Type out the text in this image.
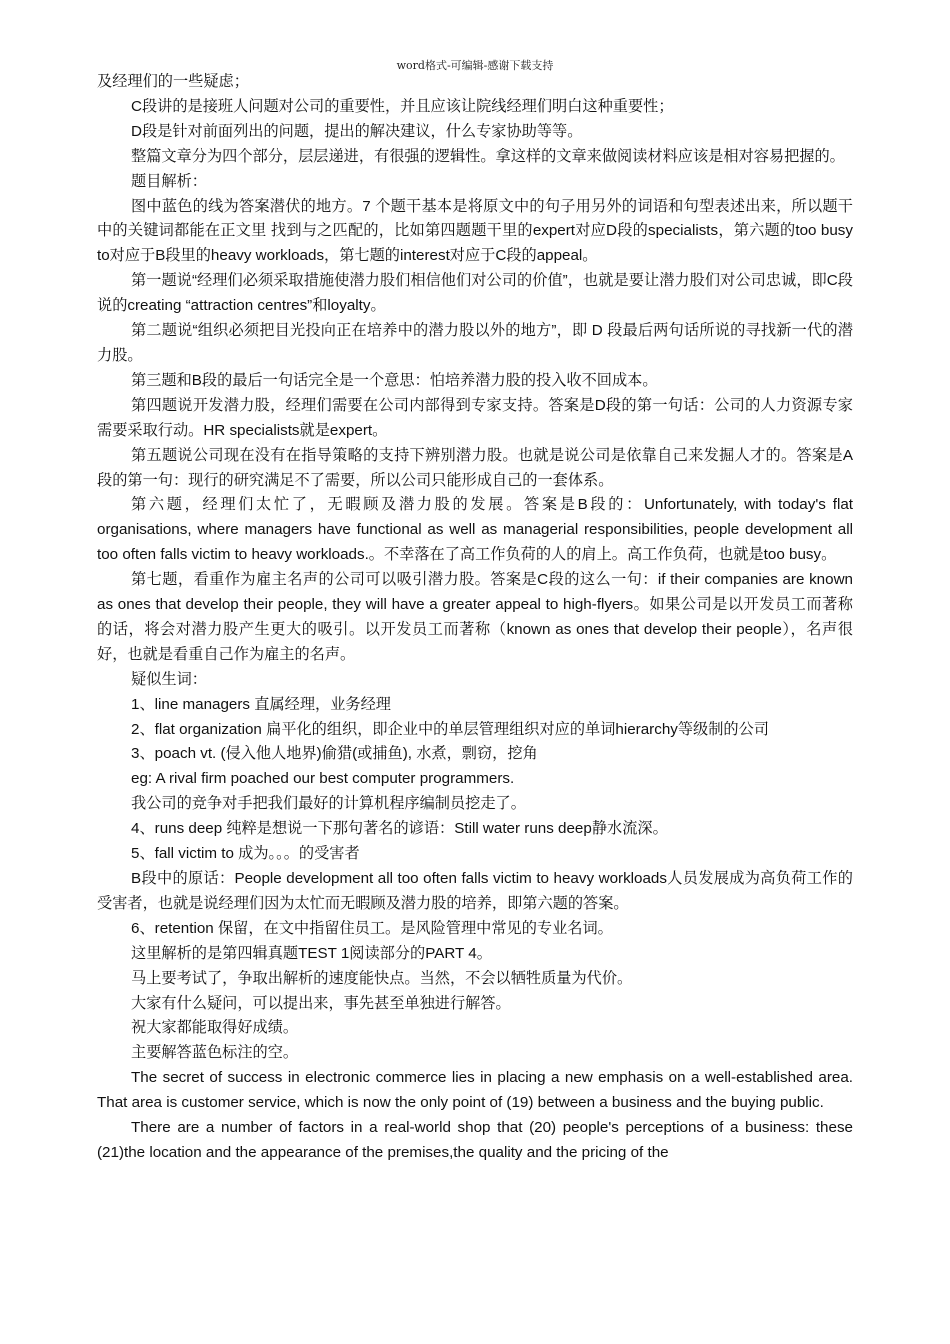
word格式-可编辑-感谢下载支持

及经理们的一些疑虑；

C段讲的是接班人问题对公司的重要性，并且应该让院线经理们明白这种重要性；

D段是针对前面列出的问题，提出的解决建议，什么专家协助等等。

整篇文章分为四个部分，层层递进，有很强的逻辑性。拿这样的文章来做阅读材料应该是相对容易把握的。

题目解析：

图中蓝色的线为答案潜伏的地方。7 个题干基本是将原文中的句子用另外的词语和句型表述出来，所以题干中的关键词都能在正文里 找到与之匹配的，比如第四题题干里的expert对应D段的specialists，第六题的too busy to对应于B段里的heavy workloads，第七题的interest对应于C段的appeal。

第一题说“经理们必须采取措施使潜力股们相信他们对公司的价值”，也就是要让潜力股们对公司忠诚，即C段说的creating “attraction centres”和loyalty。

第二题说“组织必须把目光投向正在培养中的潜力股以外的地方”，即 D 段最后两句话所说的寻找新一代的潜力股。

第三题和B段的最后一句话完全是一个意思：怕培养潜力股的投入收不回成本。

第四题说开发潜力股，经理们需要在公司内部得到专家支持。答案是D段的第一句话：公司的人力资源专家需要采取行动。HR specialists就是expert。

第五题说公司现在没有在指导策略的支持下辨别潜力股。也就是说公司是依靠自己来发掘人才的。答案是A段的第一句：现行的研究满足不了需要，所以公司只能形成自己的一套体系。

第六题，经理们太忙了，无暇顾及潜力股的发展。答案是B段的：Unfortunately, with today's flat organisations, where managers have functional as well as managerial responsibilities, people development all too often falls victim to heavy workloads.。不幸落在了高工作负荷的人的肩上。高工作负荷，也就是too busy。

第七题，看重作为雇主名声的公司可以吸引潜力股。答案是C段的这么一句：if their companies are known as ones that develop their people, they will have a greater appeal to high-flyers。如果公司是以开发员工而著称的话，将会对潜力股产生更大的吸引。以开发员工而著称（known as ones that develop their people），名声很好，也就是看重自己作为雇主的名声。

疑似生词：

1、line managers 直属经理，业务经理

2、flat organization 扁平化的组织，即企业中的单层管理组织对应的单词hierarchy等级制的公司

3、poach vt. (侵入他人地界)偷猎(或捕鱼), 水煮，剽窃，挖角

eg: A rival firm poached our best computer programmers.

我公司的竞争对手把我们最好的计算机程序编制员挖走了。

4、runs deep 纯粹是想说一下那句著名的谚语：Still water runs deep静水流深。

5、fall victim to 成为。。。的受害者

B段中的原话：People development all too often falls victim to heavy workloads人员发展成为高负荷工作的受害者，也就是说经理们因为太忙而无暇顾及潜力股的培养，即第六题的答案。

6、retention 保留，在文中指留住员工。是风险管理中常见的专业名词。

这里解析的是第四辑真题TEST 1阅读部分的PART 4。

马上要考试了，争取出解析的速度能快点。当然，不会以牺牲质量为代价。

大家有什么疑问，可以提出来，事先甚至单独进行解答。

祝大家都能取得好成绩。

主要解答蓝色标注的空。

The secret of success in electronic commerce lies in placing a new emphasis on a well-established area. That area is customer service, which is now the only point of (19) between a business and the buying public.

There are a number of factors in a real-world shop that (20) people's perceptions of a business: these (21)the location and the appearance of the premises,the quality and the pricing of the
